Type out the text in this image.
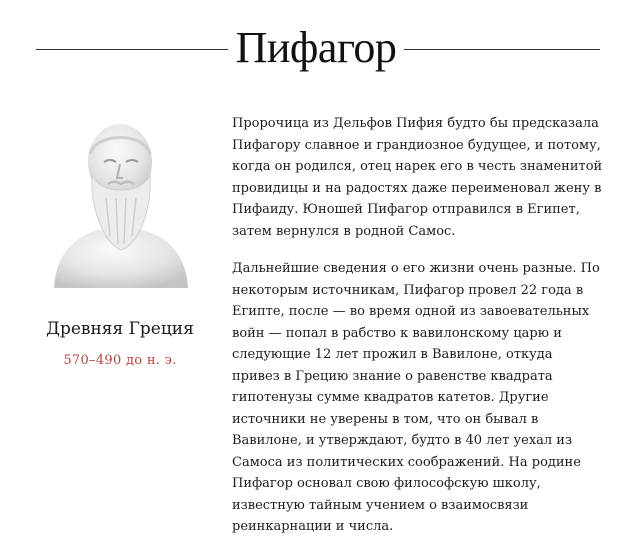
Пифагор
Древняя Греция
570–490 до н. э.

Пророчица из Дельфов Пифия будто бы предсказала Пифагору славное и грандиозное будущее, и потому, когда он родился, отец нарек его в честь знаменитой провидицы и на радостях даже переименовал жену в Пифаиду. Юношей Пифагор отправился в Египет, затем вернулся в родной Самос.

Дальнейшие сведения о его жизни очень разные. По некоторым источникам, Пифагор провел 22 года в Египте, после — во время одной из завоевательных войн — попал в рабство к вавилонскому царю и следующие 12 лет прожил в Вавилоне, откуда привез в Грецию знание о равенстве квадрата гипотенузы сумме квадратов катетов. Другие источники не уверены в том, что он бывал в Вавилоне, и утверждают, будто в 40 лет уехал из Самоса из политических соображений. На родине Пифагор основал свою философскую школу, известную тайным учением о взаимосвязи реинкарнации и числа.
